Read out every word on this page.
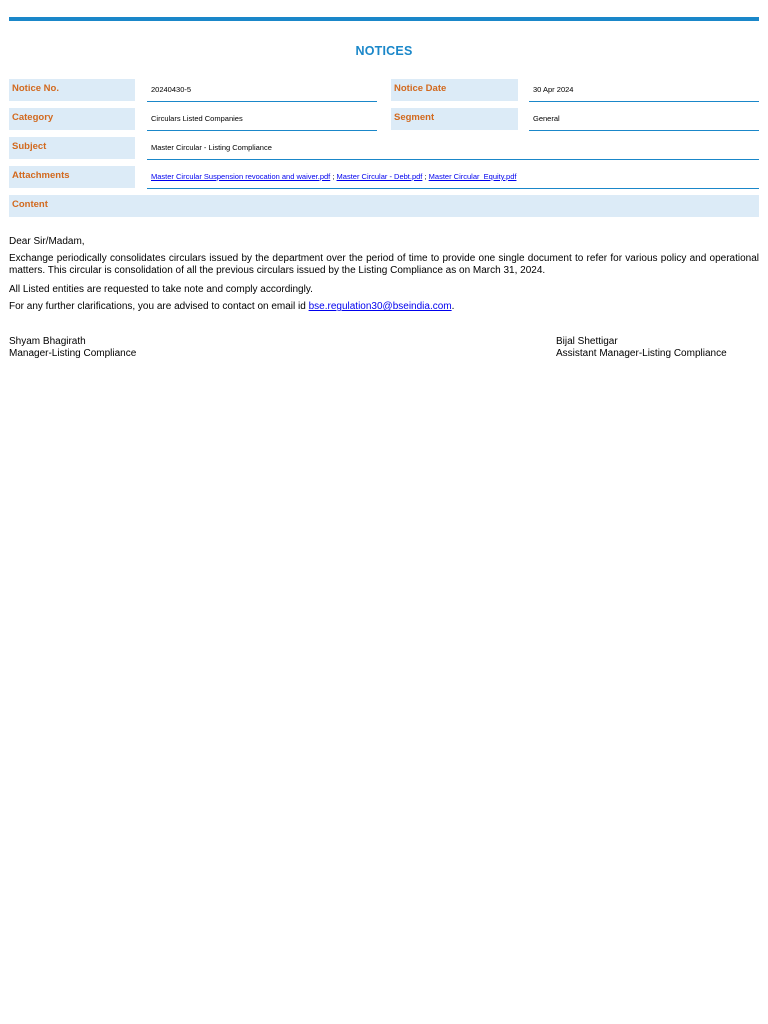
NOTICES
Notice No.	20240430-5	Notice Date	30 Apr 2024
Category	Circulars Listed Companies	Segment	General
Subject	Master Circular - Listing Compliance
Attachments	Master Circular Suspension revocation and waiver.pdf ; Master Circular - Debt.pdf ; Master Circular_Equity.pdf
Content
Dear Sir/Madam,
Exchange periodically consolidates circulars issued by the department over the period of time to provide one single document to refer for various policy and operational matters. This circular is consolidation of all the previous circulars issued by the Listing Compliance as on March 31, 2024.
All Listed entities are requested to take note and comply accordingly.
For any further clarifications, you are advised to contact on email id bse.regulation30@bseindia.com.
Shyam Bhagirath
Manager-Listing Compliance
Bijal Shettigar
Assistant Manager-Listing Compliance
